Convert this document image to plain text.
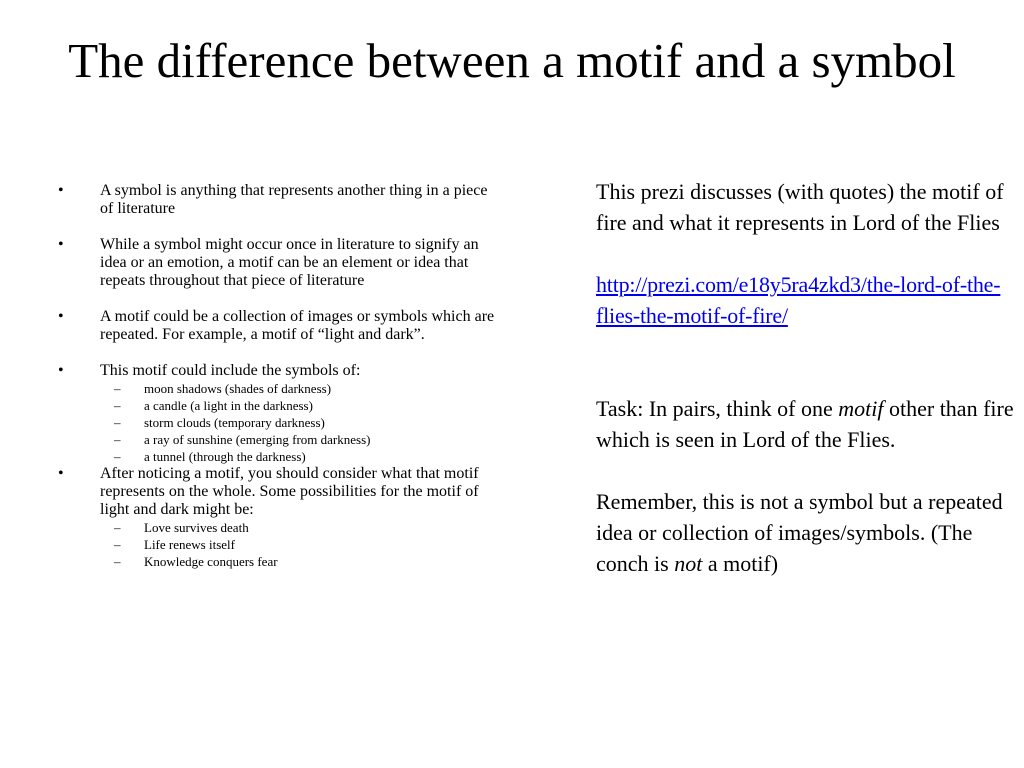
The difference between a motif and a symbol
• A symbol is anything that represents another thing in a piece of literature
• While a symbol might occur once in literature to signify an idea or an emotion, a motif can be an element or idea that repeats throughout that piece of literature
• A motif could be a collection of images or symbols which are repeated. For example, a motif of “light and dark”.
• This motif could include the symbols of:
– moon shadows (shades of darkness)
– a candle (a light in the darkness)
– storm clouds (temporary darkness)
– a ray of sunshine (emerging from darkness)
– a tunnel (through the darkness)
• After noticing a motif, you should consider what that motif represents on the whole. Some possibilities for the motif of light and dark might be:
– Love survives death
– Life renews itself
– Knowledge conquers fear
This prezi discusses (with quotes) the motif of fire and what it represents in Lord of the Flies
http://prezi.com/e18y5ra4zkd3/the-lord-of-the-flies-the-motif-of-fire/
Task: In pairs, think of one motif other than fire which is seen in Lord of the Flies.
Remember, this is not a symbol but a repeated idea or collection of images/symbols. (The conch is not a motif)
